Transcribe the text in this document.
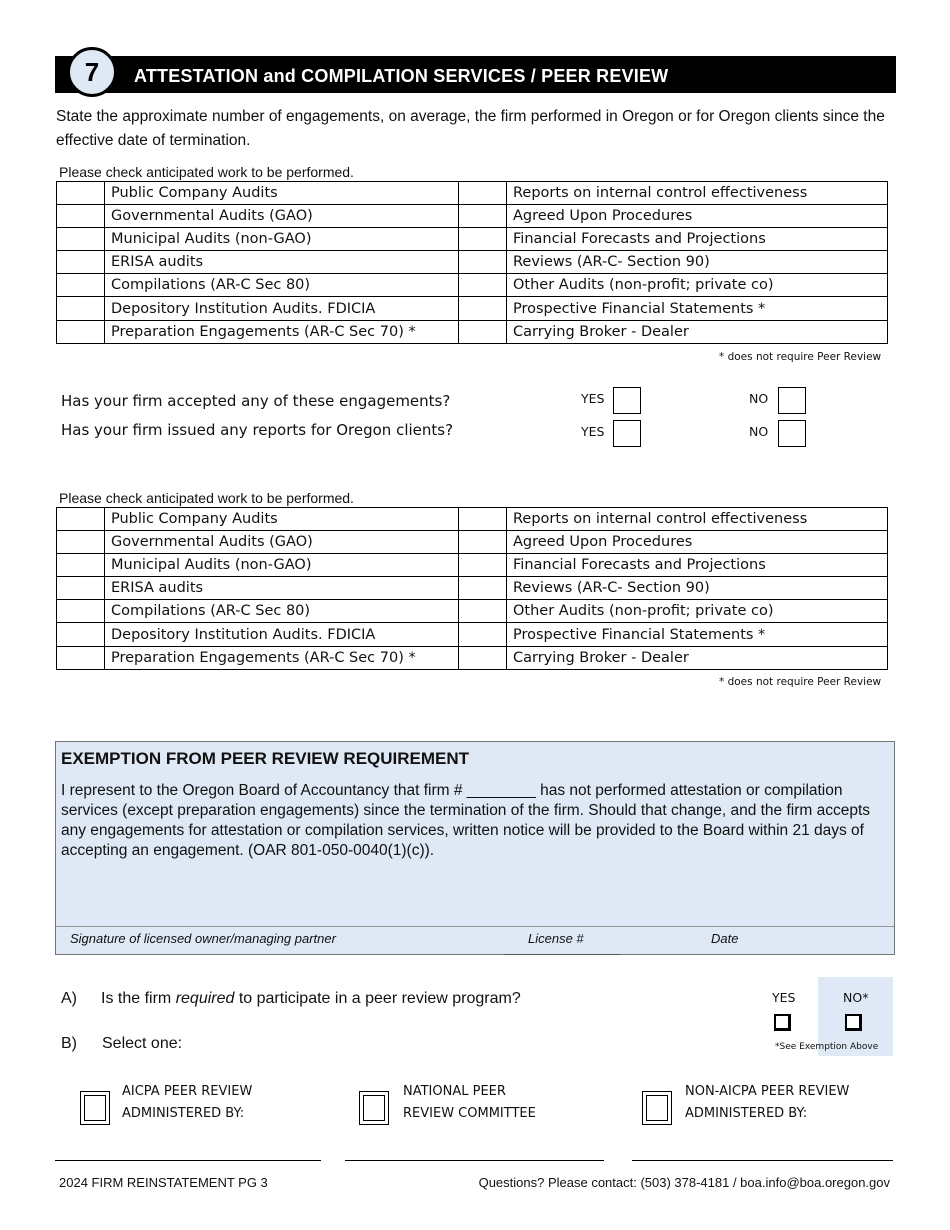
7	ATTESTATION and COMPILATION SERVICES / PEER REVIEW
State the approximate number of engagements, on average, the firm performed in Oregon or for Oregon clients since the effective date of termination.
Please check anticipated work to be performed.
	Public Company Audits		Reports on internal control effectiveness
	Governmental Audits (GAO)		Agreed Upon Procedures
	Municipal Audits (non-GAO)		Financial Forecasts and Projections
	ERISA audits		Reviews (AR-C- Section 90)
	Compilations (AR-C Sec 80)		Other Audits (non-profit; private co)
	Depository Institution Audits. FDICIA		Prospective Financial Statements *
	Preparation Engagements (AR-C Sec 70) *		Carrying Broker - Dealer
* does not require Peer Review
Has your firm accepted any of these engagements?	YES	NO
Has your firm issued any reports for Oregon clients?	YES	NO
Please check anticipated work to be performed.
	Public Company Audits		Reports on internal control effectiveness
	Governmental Audits (GAO)		Agreed Upon Procedures
	Municipal Audits (non-GAO)		Financial Forecasts and Projections
	ERISA audits		Reviews (AR-C- Section 90)
	Compilations (AR-C Sec 80)		Other Audits (non-profit; private co)
	Depository Institution Audits. FDICIA		Prospective Financial Statements *
	Preparation Engagements (AR-C Sec 70) *		Carrying Broker - Dealer
* does not require Peer Review
EXEMPTION FROM PEER REVIEW REQUIREMENT
I represent to the Oregon Board of Accountancy that firm # ________ has not performed attestation or compilation services (except preparation engagements) since the termination of the firm. Should that change, and the firm accepts any engagements for attestation or compilation services, written notice will be provided to the Board within 21 days of accepting an engagement. (OAR 801-050-0040(1)(c)).
Signature of licensed owner/managing partner	License #	Date
A) Is the firm required to participate in a peer review program?
B) Select one:
YES	NO*
*See Exemption Above
AICPA PEER REVIEW
ADMINISTERED BY:
NATIONAL PEER
REVIEW COMMITTEE
NON-AICPA PEER REVIEW
ADMINISTERED BY:
2024 FIRM REINSTATEMENT PG 3	Questions? Please contact: (503) 378-4181 / boa.info@boa.oregon.gov
